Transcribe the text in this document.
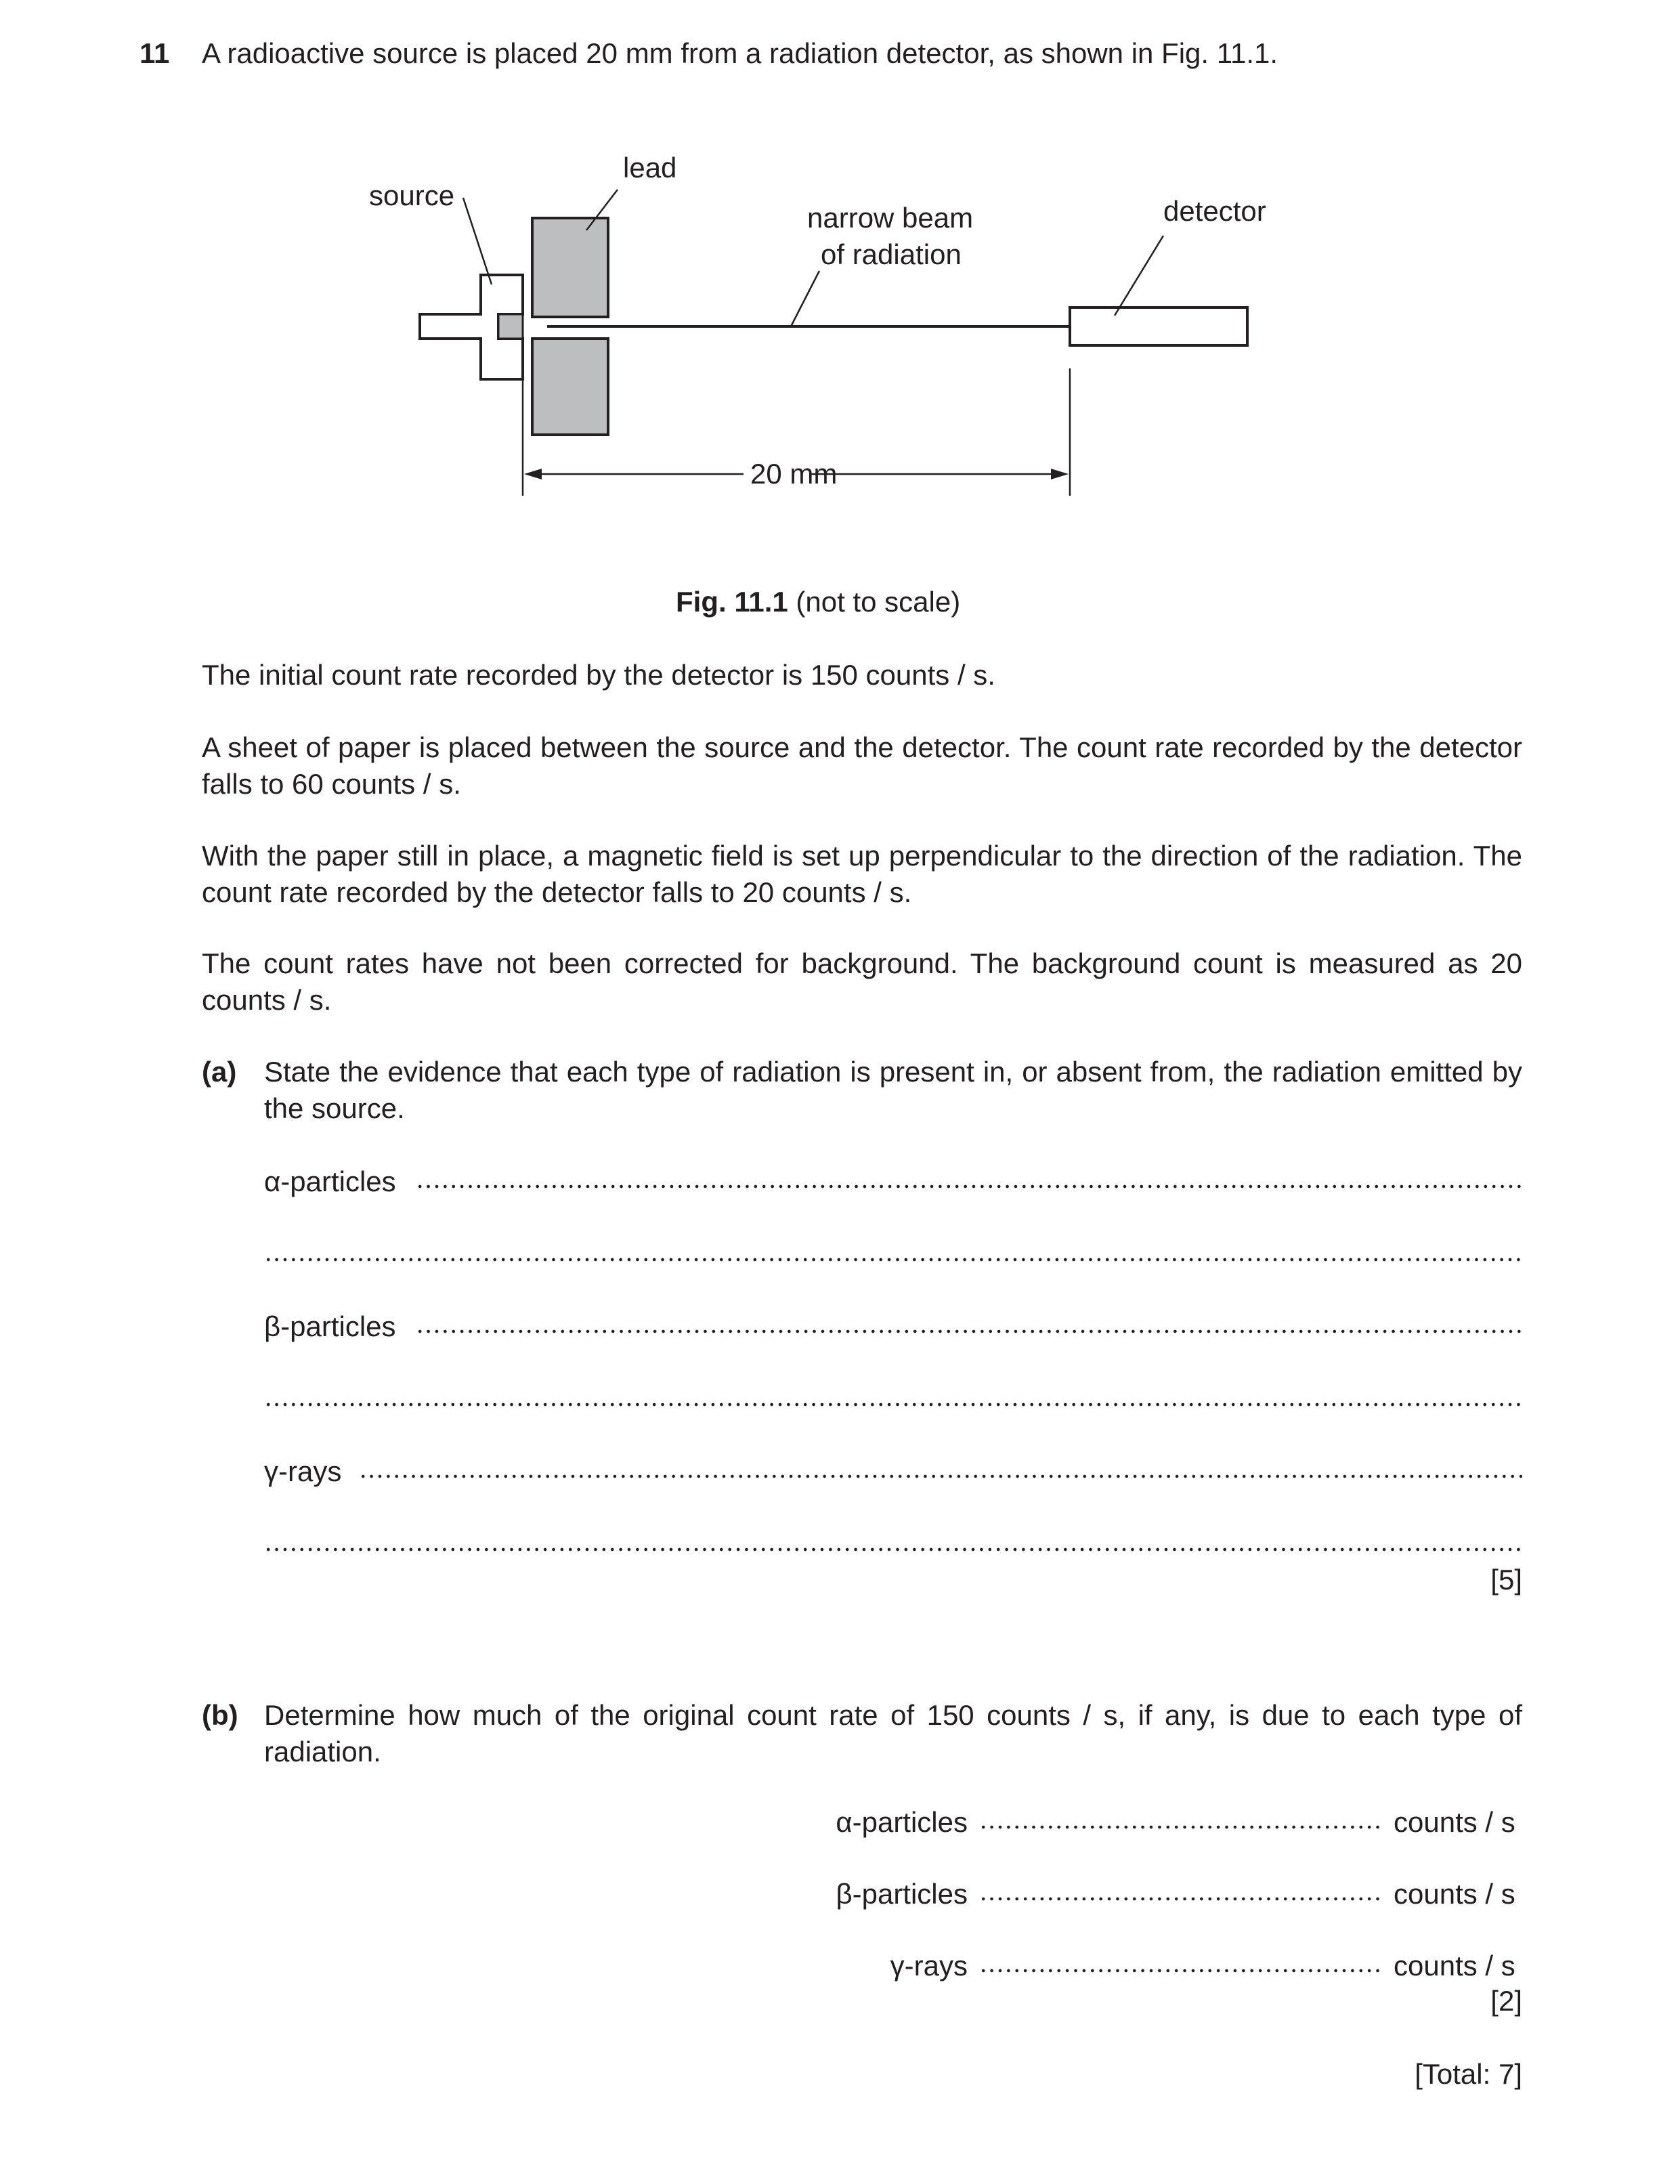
11 A radioactive source is placed 20 mm from a radiation detector, as shown in Fig. 11.1.
source
lead
narrow beam
of radiation
detector
20 mm
Fig. 11.1 (not to scale)
The initial count rate recorded by the detector is 150 counts / s.
A sheet of paper is placed between the source and the detector. The count rate recorded by the detector falls to 60 counts / s.
With the paper still in place, a magnetic field is set up perpendicular to the direction of the radiation. The count rate recorded by the detector falls to 20 counts / s.
The count rates have not been corrected for background. The background count is measured as 20 counts / s.
(a) State the evidence that each type of radiation is present in, or absent from, the radiation emitted by the source.
α-particles
β-particles
γ-rays
[5]
(b) Determine how much of the original count rate of 150 counts / s, if any, is due to each type of radiation.
α-particles	counts / s
β-particles	counts / s
γ-rays	counts / s
[2]
[Total: 7]
